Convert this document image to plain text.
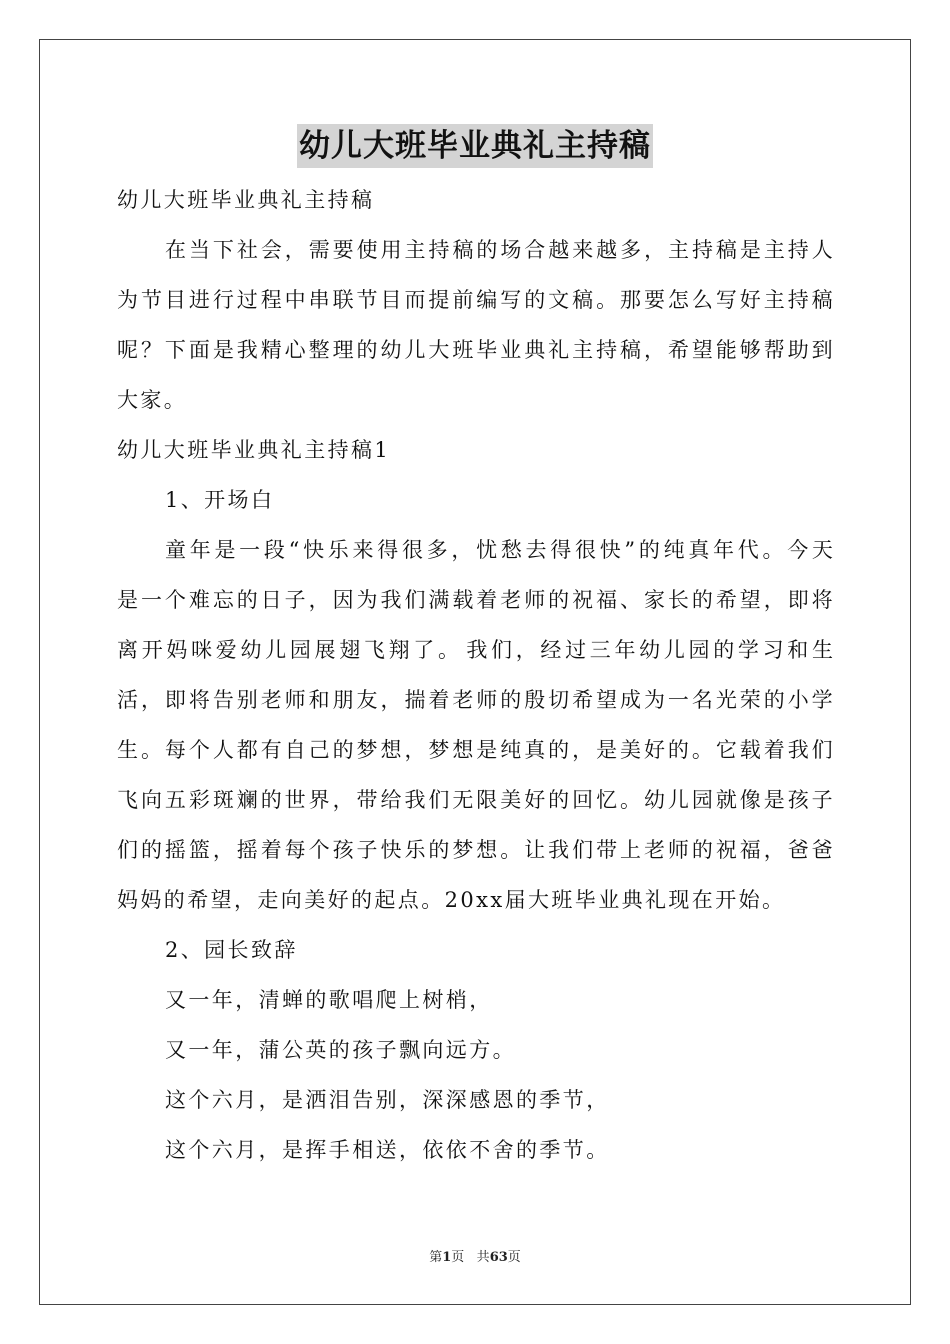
幼儿大班毕业典礼主持稿
幼儿大班毕业典礼主持稿
在 当 下 社 会 ， 需 要 使 用 主 持 稿 的 场 合 越 来 越 多 ， 主 持 稿 是 主 持 人
为 节 目 进 行 过 程 中 串 联 节 目 而 提 前 编 写 的 文 稿 。 那 要 怎 么 写 好 主 持 稿
呢 ？ 下 面 是 我 精 心 整 理 的 幼 儿 大 班 毕 业 典 礼 主 持 稿 ， 希 望 能 够 帮 助 到
大家。
幼儿大班毕业典礼主持稿1
1、开场白
童 年 是 一 段 “ 快 乐 来 得 很 多 ， 忧 愁 去 得 很 快 ” 的 纯 真 年 代 。 今 天
是 一 个 难 忘 的 日 子 ， 因 为 我 们 满 载 着 老 师 的 祝 福 、 家 长 的 希 望 ， 即 将
离 开 妈 咪 爱 幼 儿 园 展 翅 飞 翔 了 。 我 们 ， 经 过 三 年 幼 儿 园 的 学 习 和 生
活 ， 即 将 告 别 老 师 和 朋 友 ， 揣 着 老 师 的 殷 切 希 望 成 为 一 名 光 荣 的 小 学
生 。 每 个 人 都 有 自 己 的 梦 想 ， 梦 想 是 纯 真 的 ， 是 美 好 的 。 它 载 着 我 们
飞 向 五 彩 斑 斓 的 世 界 ， 带 给 我 们 无 限 美 好 的 回 忆 。 幼 儿 园 就 像 是 孩 子
们 的 摇 篮 ， 摇 着 每 个 孩 子 快 乐 的 梦 想 。 让 我 们 带 上 老 师 的 祝 福 ， 爸 爸
妈妈的希望，走向美好的起点。20xx届大班毕业典礼现在开始。
2、园长致辞
又一年，清蝉的歌唱爬上树梢，
又一年，蒲公英的孩子飘向远方。
这个六月，是洒泪告别，深深感恩的季节，
这个六月，是挥手相送，依依不舍的季节。
第1页 共63页
